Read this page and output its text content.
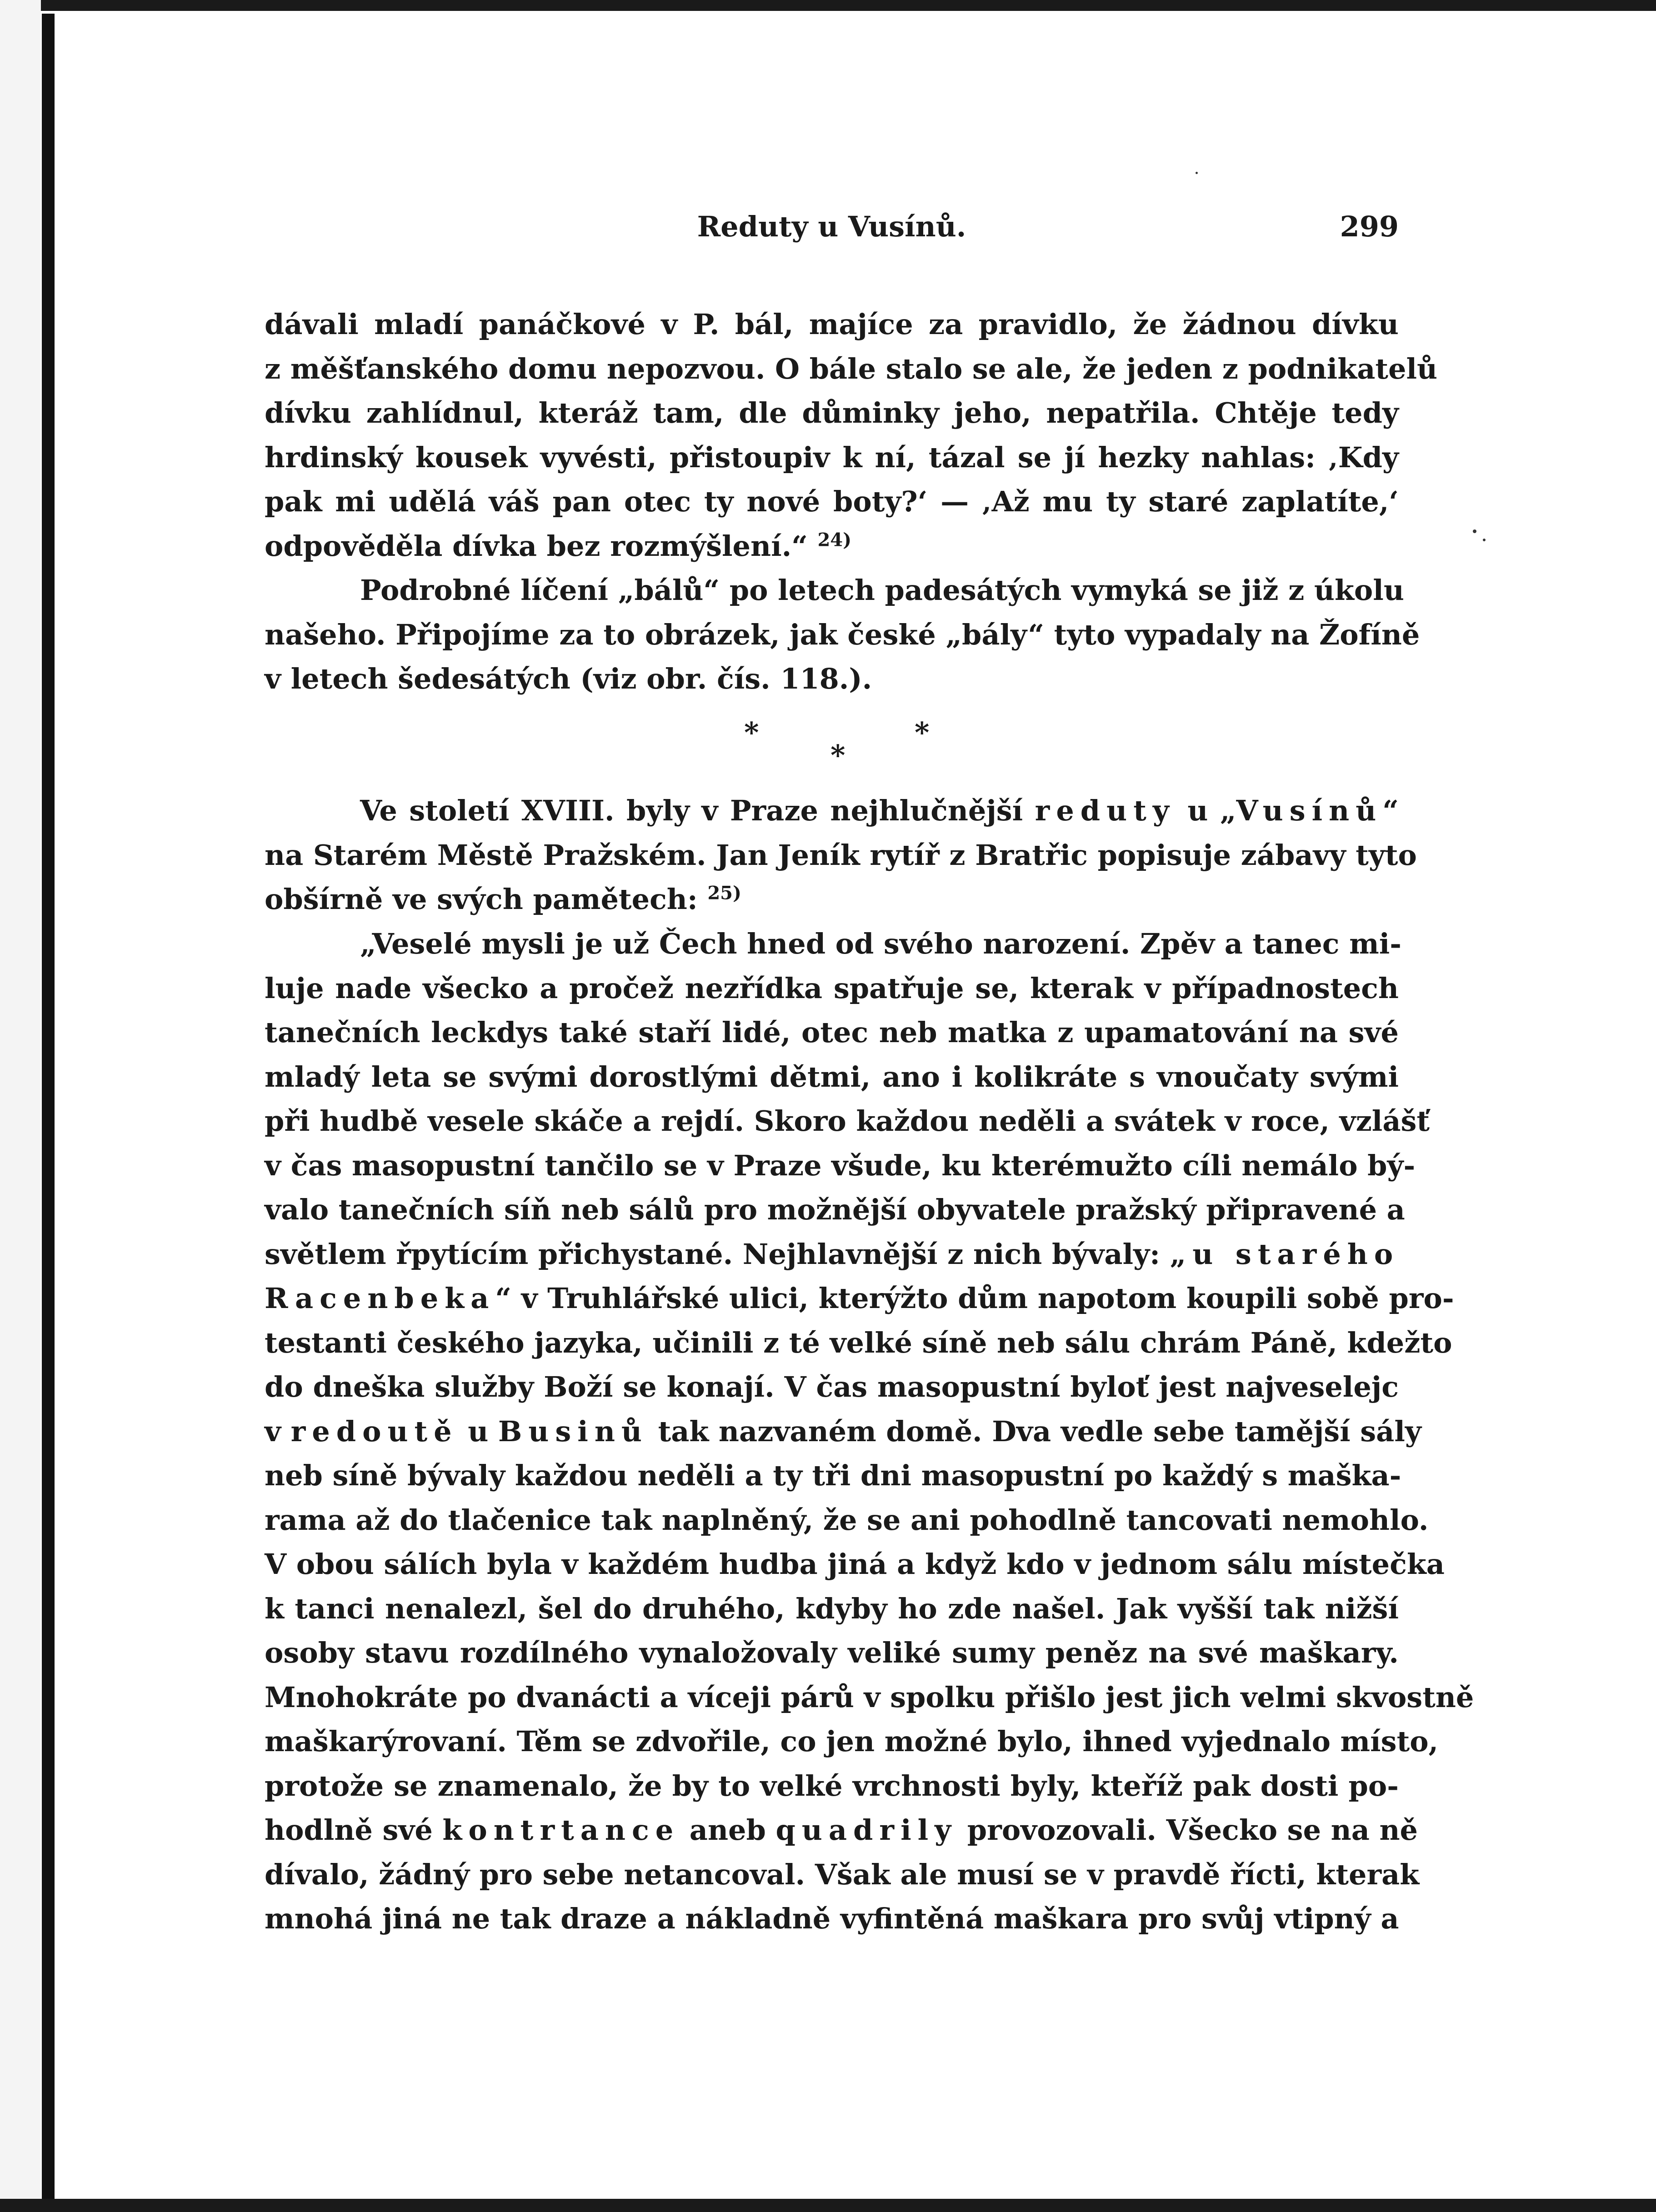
Reduty u Vusínů.	299
dávali mladí panáčkové v P. bál, majíce za pravidlo, že žádnou dívku
z měšťanského domu nepozvou. O bále stalo se ale, že jeden z podnikatelů
dívku zahlídnul, kteráž tam, dle důminky jeho, nepatřila. Chtěje tedy
hrdinský kousek vyvésti, přistoupiv k ní, tázal se jí hezky nahlas: ‚Kdy
pak mi udělá váš pan otec ty nové boty?‘ — ‚Až mu ty staré zaplatíte,‘
odpověděla dívka bez rozmýšlení.“ $^{24)}$
Podrobné líčení „bálů“ po letech padesátých vymyká se již z úkolu
našeho. Připojíme za to obrázek, jak české „bály“ tyto vypadaly na Žofíně
v letech šedesátých (viz obr. čís. 118.).
*	*
*
Ve století XVIII. byly v Praze nejhlučnější reduty u „Vusínů“
na Starém Městě Pražském. Jan Jeník rytíř z Bratřic popisuje zábavy tyto
obšírně ve svých pamětech: $^{25)}$
„Veselé mysli je už Čech hned od svého narození. Zpěv a tanec mi-
luje nade všecko a pročež nezřídka spatřuje se, kterak v případnostech
tanečních leckdys také staří lidé, otec neb matka z upamatování na své
mladý leta se svými dorostlými dětmi, ano i kolikráte s vnoučaty svými
při hudbě vesele skáče a rejdí. Skoro každou neděli a svátek v roce, vzlášť
v čas masopustní tančilo se v Praze všude, ku kterémužto cíli nemálo bý-
valo tanečních síň neb sálů pro možnější obyvatele pražský připravené a
světlem řpytícím přichystané. Nejhlavnější z nich bývaly: „u starého
Racenbeka“ v Truhlářské ulici, kterýžto dům napotom koupili sobě pro-
testanti českého jazyka, učinili z té velké síně neb sálu chrám Páně, kdežto
do dneška služby Boží se konají. V čas masopustní byloť jest najveselejc
v redoutě u Businů tak nazvaném domě. Dva vedle sebe tamější sály
neb síně bývaly každou neděli a ty tři dni masopustní po každý s maška-
rama až do tlačenice tak naplněný, že se ani pohodlně tancovati nemohlo.
V obou sálích byla v každém hudba jiná a když kdo v jednom sálu místečka
k tanci nenalezl, šel do druhého, kdyby ho zde našel. Jak vyšší tak nižší
osoby stavu rozdílného vynaložovaly veliké sumy peněz na své maškary.
Mnohokráte po dvanácti a víceji párů v spolku přišlo jest jich velmi skvostně
maškarýrovaní. Těm se zdvořile, co jen možné bylo, ihned vyjednalo místo,
protože se znamenalo, že by to velké vrchnosti byly, kteříž pak dosti po-
hodlně své kontrtance aneb quadrily provozovali. Všecko se na ně
dívalo, žádný pro sebe netancoval. Však ale musí se v pravdě řícti, kterak
mnohá jiná ne tak draze a nákladně vyfintěná maškara pro svůj vtipný a
